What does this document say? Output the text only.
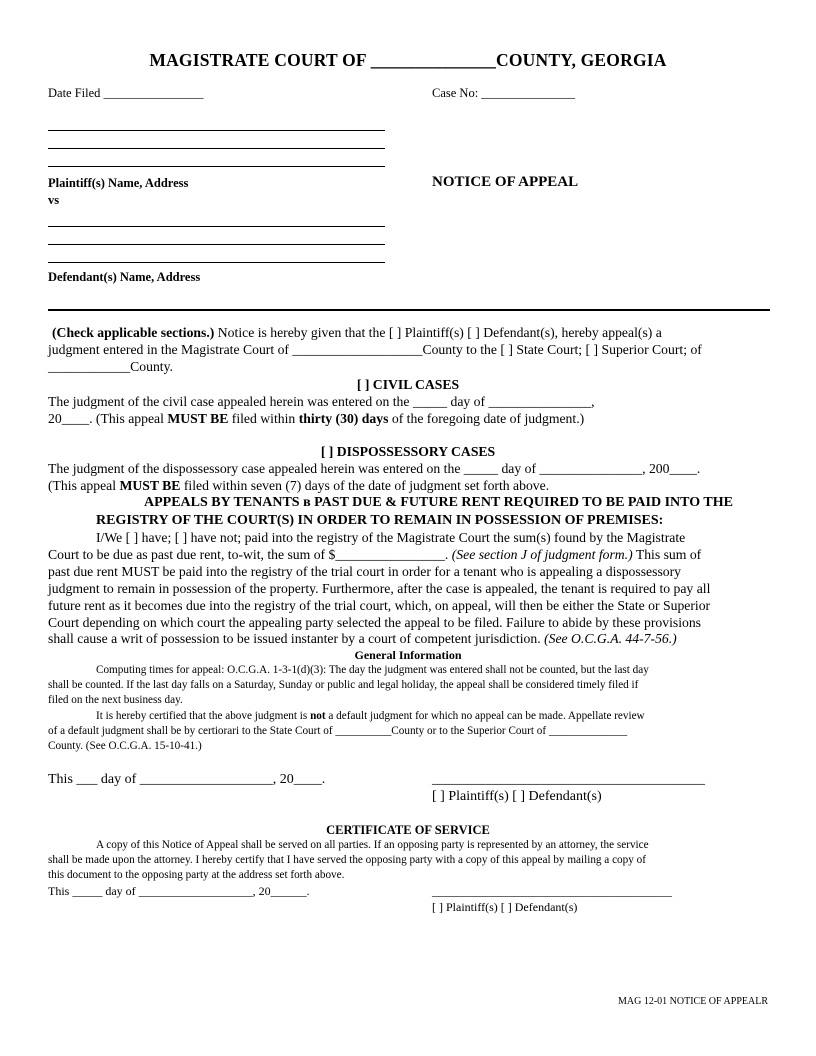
MAGISTRATE COURT OF ______________COUNTY, GEORGIA
Date Filed ________________	Case No: _______________
Plaintiff(s) Name, Address
vs
NOTICE OF APPEAL
Defendant(s) Name, Address

(Check applicable sections.) Notice is hereby given that the [ ] Plaintiff(s) [ ] Defendant(s), hereby appeal(s) a

judgment entered in the Magistrate Court of ___________________County to the [ ] State Court; [ ] Superior Court; of

____________County.

[ ] CIVIL CASES

The judgment of the civil case appealed herein was entered on the _____ day of _______________,

20____. (This appeal MUST BE filed within thirty (30) days of the foregoing date of judgment.)

[ ] DISPOSSESSORY CASES

The judgment of the dispossessory case appealed herein was entered on the _____ day of _______________, 200____.

(This appeal MUST BE filed within seven (7) days of the date of judgment set forth above.

APPEALS BY TENANTS ʙ PAST DUE & FUTURE RENT REQUIRED TO BE PAID INTO THE
REGISTRY OF THE COURT(S) IN ORDER TO REMAIN IN POSSESSION OF PREMISES:

I/We [ ] have; [ ] have not; paid into the registry of the Magistrate Court the sum(s) found by the Magistrate

Court to be due as past due rent, to-wit, the sum of $________________. (See section J of judgment form.) This sum of

past due rent MUST be paid into the registry of the trial court in order for a tenant who is appealing a dispossessory

judgment to remain in possession of the property. Furthermore, after the case is appealed, the tenant is required to pay all

future rent as it becomes due into the registry of the trial court, which, on appeal, will then be either the State or Superior

Court depending on which court the appealing party selected the appeal to be filed. Failure to abide by these provisions

shall cause a writ of possession to be issued instanter by a court of competent jurisdiction. (See O.C.G.A. 44-7-56.)

General Information

Computing times for appeal: O.C.G.A. 1-3-1(d)(3): The day the judgment was entered shall not be counted, but the last day

shall be counted. If the last day falls on a Saturday, Sunday or public and legal holiday, the appeal shall be considered timely filed if

filed on the next business day.

It is hereby certified that the above judgment is not a default judgment for which no appeal can be made. Appellate review

of a default judgment shall be by certiorari to the State Court of __________County or to the Superior Court of ______________

County. (See O.C.G.A. 15-10-41.)

This ___ day of ___________________, 20____.	_______________________________________
[ ] Plaintiff(s) [ ] Defendant(s)
CERTIFICATE OF SERVICE

A copy of this Notice of Appeal shall be served on all parties. If an opposing party is represented by an attorney, the service

shall be made upon the attorney. I hereby certify that I have served the opposing party with a copy of this appeal by mailing a copy of

this document to the opposing party at the address set forth above.

This _____ day of ___________________, 20______.	________________________________________
[ ] Plaintiff(s) [ ] Defendant(s)
MAG 12-01 NOTICE OF APPEALR
